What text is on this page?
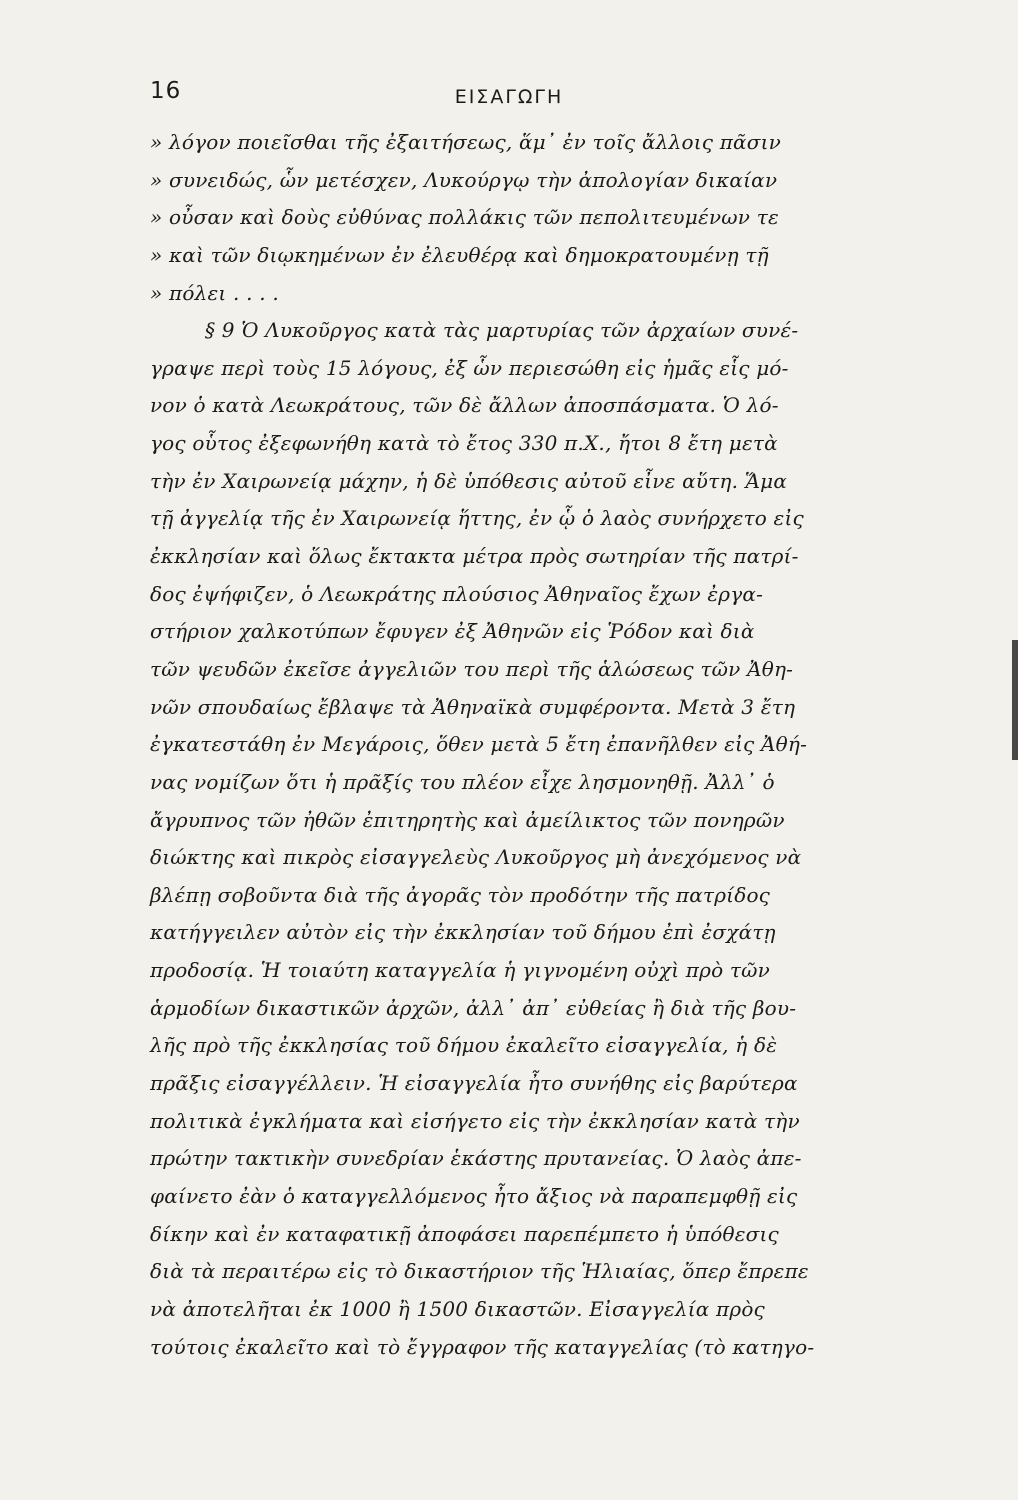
16	ΕΙΣΑΓΩΓΗ
» λόγον ποιεῖσθαι τῆς ἐξαιτήσεως, ἅμ᾽ ἐν τοῖς ἄλλοις πᾶσιν
» συνειδώς, ὧν μετέσχεν, Λυκούργῳ τὴν ἀπολογίαν δικαίαν
» οὖσαν καὶ δοὺς εὐθύνας πολλάκις τῶν πεπολιτευμένων τε
» καὶ τῶν διῳκημένων ἐν ἐλευθέρᾳ καὶ δημοκρατουμένῃ τῇ
» πόλει . . . .
§ 9 Ὁ Λυκοῦργος κατὰ τὰς μαρτυρίας τῶν ἀρχαίων συνέ-
γραψε περὶ τοὺς 15 λόγους, ἐξ ὧν περιεσώθη εἰς ἡμᾶς εἷς μό-
νον ὁ κατὰ Λεωκράτους, τῶν δὲ ἄλλων ἀποσπάσματα. Ὁ λό-
γος οὗτος ἐξεφωνήθη κατὰ τὸ ἔτος 330 π.Χ., ἤτοι 8 ἔτη μετὰ
τὴν ἐν Χαιρωνείᾳ μάχην, ἡ δὲ ὑπόθεσις αὐτοῦ εἶνε αὕτη. Ἅμα
τῇ ἀγγελίᾳ τῆς ἐν Χαιρωνείᾳ ἥττης, ἐν ᾧ ὁ λαὸς συνήρχετο εἰς
ἐκκλησίαν καὶ ὅλως ἔκτακτα μέτρα πρὸς σωτηρίαν τῆς πατρί-
δος ἐψήφιζεν, ὁ Λεωκράτης πλούσιος Ἀθηναῖος ἔχων ἐργα-
στήριον χαλκοτύπων ἔφυγεν ἐξ Ἀθηνῶν εἰς Ῥόδον καὶ διὰ
τῶν ψευδῶν ἐκεῖσε ἀγγελιῶν του περὶ τῆς ἁλώσεως τῶν Ἀθη-
νῶν σπουδαίως ἔβλαψε τὰ Ἀθηναϊκὰ συμφέροντα. Μετὰ 3 ἔτη
ἐγκατεστάθη ἐν Μεγάροις, ὅθεν μετὰ 5 ἔτη ἐπανῆλθεν εἰς Ἀθή-
νας νομίζων ὅτι ἡ πρᾶξίς του πλέον εἶχε λησμονηθῇ. Ἀλλ᾽ ὁ
ἄγρυπνος τῶν ἠθῶν ἐπιτηρητὴς καὶ ἀμείλικτος τῶν πονηρῶν
διώκτης καὶ πικρὸς εἰσαγγελεὺς Λυκοῦργος μὴ ἀνεχόμενος νὰ
βλέπῃ σοβοῦντα διὰ τῆς ἀγορᾶς τὸν προδότην τῆς πατρίδος
κατήγγειλεν αὐτὸν εἰς τὴν ἐκκλησίαν τοῦ δήμου ἐπὶ ἐσχάτῃ
προδοσίᾳ. Ἡ τοιαύτη καταγγελία ἡ γιγνομένη οὐχὶ πρὸ τῶν
ἁρμοδίων δικαστικῶν ἀρχῶν, ἀλλ᾽ ἀπ᾽ εὐθείας ἢ διὰ τῆς βου-
λῆς πρὸ τῆς ἐκκλησίας τοῦ δήμου ἐκαλεῖτο εἰσαγγελία, ἡ δὲ
πρᾶξις εἰσαγγέλλειν. Ἡ εἰσαγγελία ἦτο συνήθης εἰς βαρύτερα
πολιτικὰ ἐγκλήματα καὶ εἰσήγετο εἰς τὴν ἐκκλησίαν κατὰ τὴν
πρώτην τακτικὴν συνεδρίαν ἑκάστης πρυτανείας. Ὁ λαὸς ἀπε-
φαίνετο ἐὰν ὁ καταγγελλόμενος ἦτο ἄξιος νὰ παραπεμφθῇ εἰς
δίκην καὶ ἐν καταφατικῇ ἀποφάσει παρεπέμπετο ἡ ὑπόθεσις
διὰ τὰ περαιτέρω εἰς τὸ δικαστήριον τῆς Ἡλιαίας, ὅπερ ἔπρεπε
νὰ ἀποτελῆται ἐκ 1000 ἢ 1500 δικαστῶν. Εἰσαγγελία πρὸς
τούτοις ἐκαλεῖτο καὶ τὸ ἔγγραφον τῆς καταγγελίας (τὸ κατηγο-
